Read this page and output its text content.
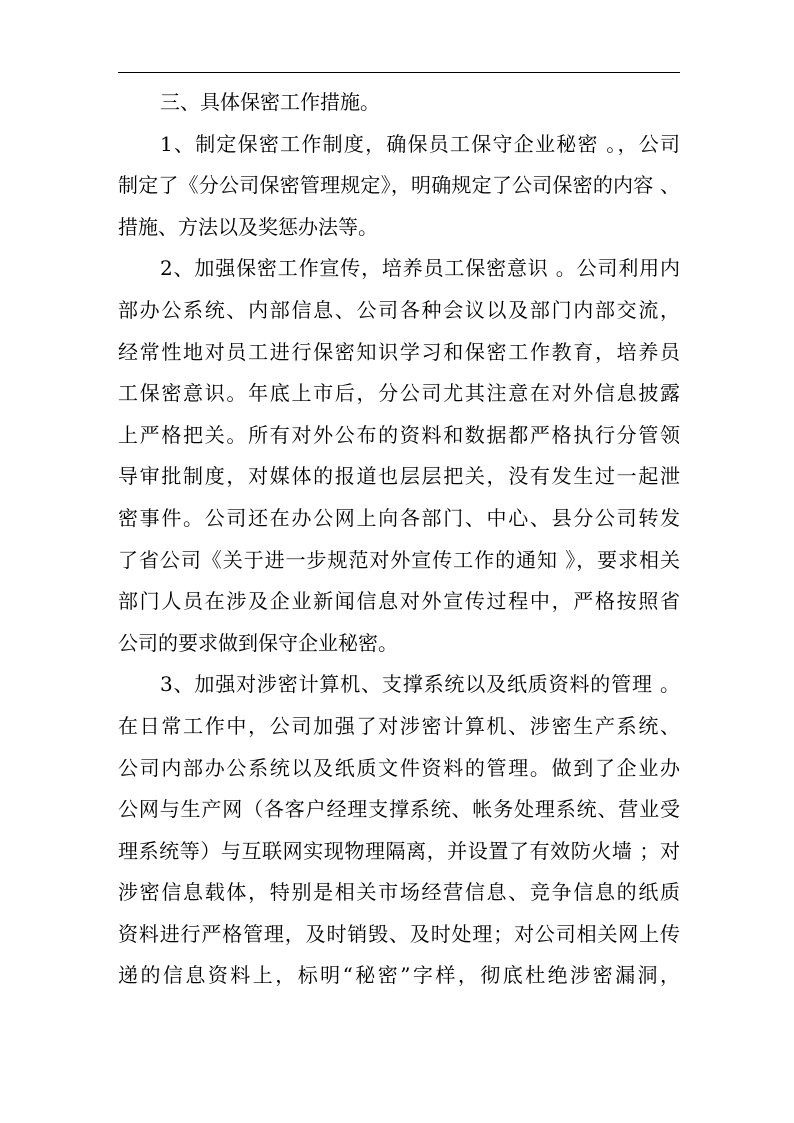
三、具体保密工作措施。

1、制定保密工作制度，确保员工保守企业秘密 。，公司

制定了《分公司保密管理规定》，明确规定了公司保密的内容 、

措施、方法以及奖惩办法等。

2、加强保密工作宣传，培养员工保密意识 。公司利用内

部办公系统、内部信息、公司各种会议以及部门内部交流，

经常性地对员工进行保密知识学习和保密工作教育，培养员

工保密意识。年底上市后，分公司尤其注意在对外信息披露

上严格把关。所有对外公布的资料和数据都严格执行分管领

导审批制度，对媒体的报道也层层把关，没有发生过一起泄

密事件。公司还在办公网上向各部门、中心、县分公司转发

了省公司《关于进一步规范对外宣传工作的通知 》，要求相关

部门人员在涉及企业新闻信息对外宣传过程中，严格按照省

公司的要求做到保守企业秘密。

3、加强对涉密计算机、支撑系统以及纸质资料的管理 。

在日常工作中，公司加强了对涉密计算机、涉密生产系统、

公司内部办公系统以及纸质文件资料的管理。做到了企业办

公网与生产网（各客户经理支撑系统、帐务处理系统、营业受

理系统等）与互联网实现物理隔离，并设置了有效防火墙 ；对

涉密信息载体，特别是相关市场经营信息、竞争信息的纸质

资料进行严格管理，及时销毁、及时处理；对公司相关网上传

递的信息资料上，标明“秘密”字样，彻底杜绝涉密漏洞，
